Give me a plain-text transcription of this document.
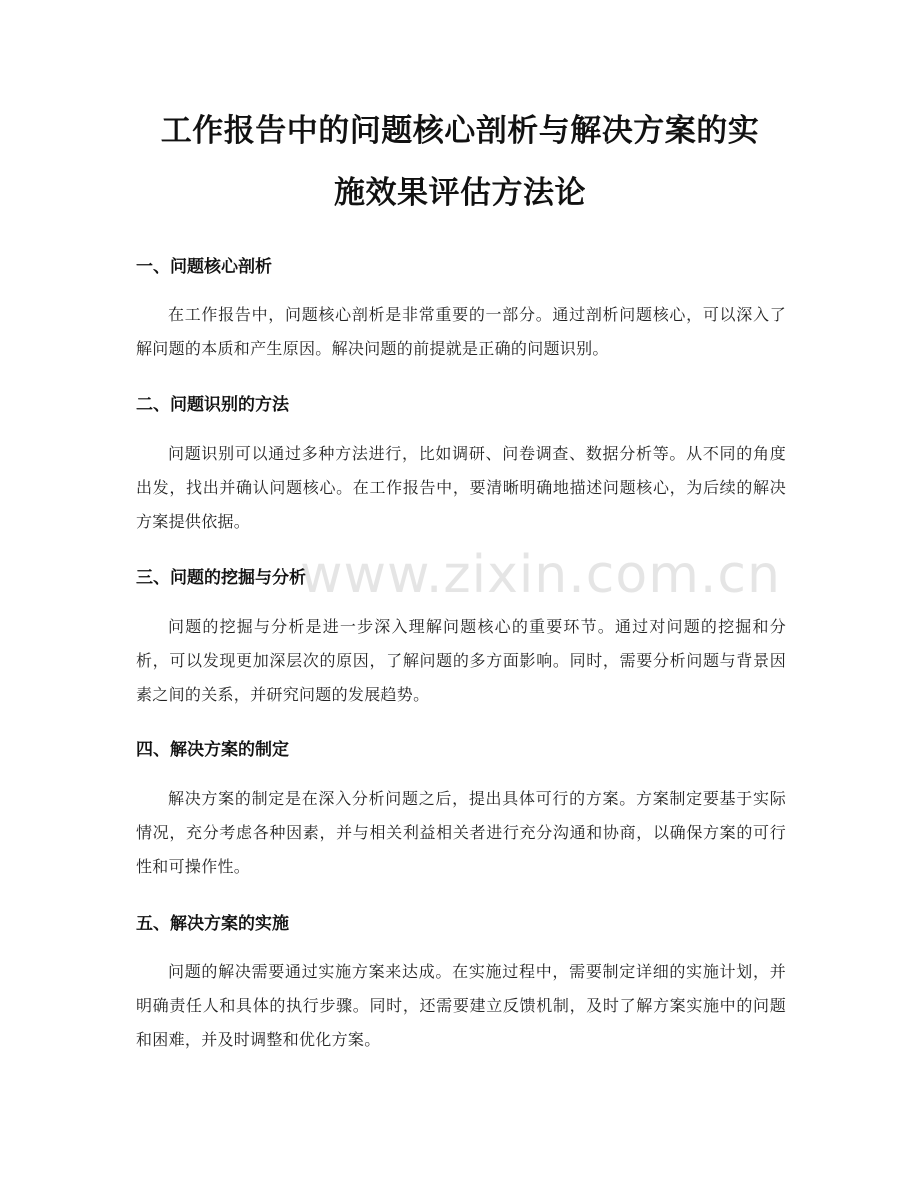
工作报告中的问题核心剖析与解决方案的实
施效果评估方法论
一、问题核心剖析
在工作报告中，问题核心剖析是非常重要的一部分。通过剖析问题核心，可以深入了解问题的本质和产生原因。解决问题的前提就是正确的问题识别。
二、问题识别的方法
问题识别可以通过多种方法进行，比如调研、问卷调查、数据分析等。从不同的角度出发，找出并确认问题核心。在工作报告中，要清晰明确地描述问题核心，为后续的解决方案提供依据。
三、问题的挖掘与分析
问题的挖掘与分析是进一步深入理解问题核心的重要环节。通过对问题的挖掘和分析，可以发现更加深层次的原因，了解问题的多方面影响。同时，需要分析问题与背景因素之间的关系，并研究问题的发展趋势。
四、解决方案的制定
解决方案的制定是在深入分析问题之后，提出具体可行的方案。方案制定要基于实际情况，充分考虑各种因素，并与相关利益相关者进行充分沟通和协商，以确保方案的可行性和可操作性。
五、解决方案的实施
问题的解决需要通过实施方案来达成。在实施过程中，需要制定详细的实施计划，并明确责任人和具体的执行步骤。同时，还需要建立反馈机制，及时了解方案实施中的问题和困难，并及时调整和优化方案。
www.zixin.com.cn
